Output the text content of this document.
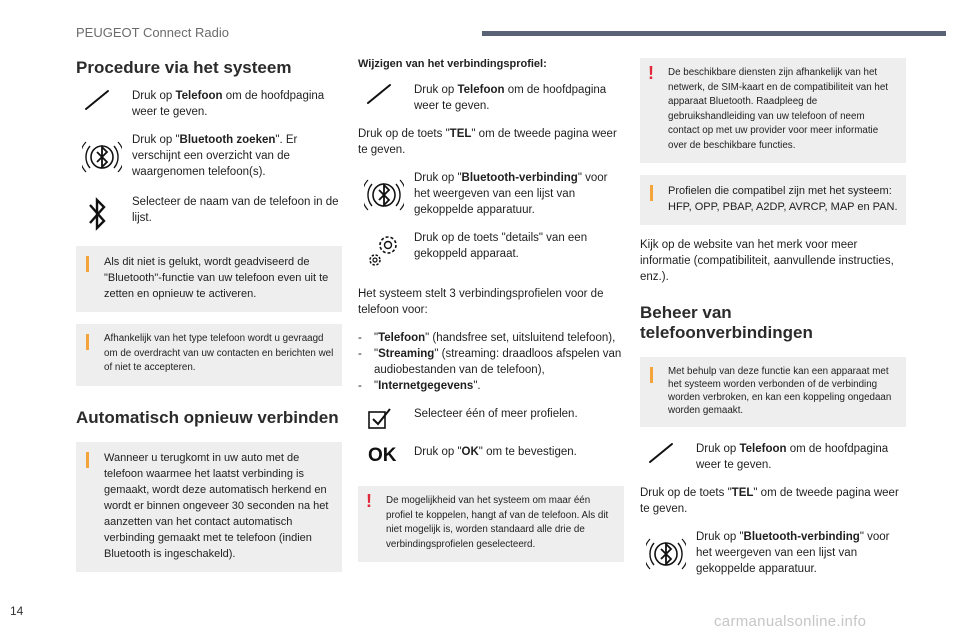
PEUGEOT Connect Radio
Procedure via het systeem
Druk op Telefoon om de hoofdpagina weer te geven.
Druk op "Bluetooth zoeken". Er verschijnt een overzicht van de waargenomen telefoon(s).
Selecteer de naam van de telefoon in de lijst.
Als dit niet is gelukt, wordt geadviseerd de "Bluetooth"-functie van uw telefoon even uit te zetten en opnieuw te activeren.
Afhankelijk van het type telefoon wordt u gevraagd om de overdracht van uw contacten en berichten wel of niet te accepteren.
Automatisch opnieuw verbinden
Wanneer u terugkomt in uw auto met de telefoon waarmee het laatst verbinding is gemaakt, wordt deze automatisch herkend en wordt er binnen ongeveer 30 seconden na het aanzetten van het contact automatisch verbinding gemaakt met te telefoon (indien Bluetooth is ingeschakeld).
Wijzigen van het verbindingsprofiel:
Druk op Telefoon om de hoofdpagina weer te geven.
Druk op de toets "TEL" om de tweede pagina weer te geven.
Druk op "Bluetooth-verbinding" voor het weergeven van een lijst van gekoppelde apparatuur.
Druk op de toets "details" van een gekoppeld apparaat.
Het systeem stelt 3 verbindingsprofielen voor de telefoon voor:
-	"Telefoon" (handsfree set, uitsluitend telefoon),
-	"Streaming" (streaming: draadloos afspelen van audiobestanden van de telefoon),
-	"Internetgegevens".
Selecteer één of meer profielen.
OK Druk op "OK" om te bevestigen.
! De mogelijkheid van het systeem om maar één profiel te koppelen, hangt af van de telefoon. Als dit niet mogelijk is, worden standaard alle drie de verbindingsprofielen geselecteerd.
! De beschikbare diensten zijn afhankelijk van het netwerk, de SIM-kaart en de compatibiliteit van het apparaat Bluetooth. Raadpleeg de gebruikshandleiding van uw telefoon of neem contact op met uw provider voor meer informatie over de beschikbare functies.
Profielen die compatibel zijn met het systeem: HFP, OPP, PBAP, A2DP, AVRCP, MAP en PAN.
Kijk op de website van het merk voor meer informatie (compatibiliteit, aanvullende instructies, enz.).
Beheer van telefoonverbindingen
Met behulp van deze functie kan een apparaat met het systeem worden verbonden of de verbinding worden verbroken, en kan een koppeling ongedaan worden gemaakt.
Druk op Telefoon om de hoofdpagina weer te geven.
Druk op de toets "TEL" om de tweede pagina weer te geven.
Druk op "Bluetooth-verbinding" voor het weergeven van een lijst van gekoppelde apparatuur.
14
carmanualsonline.info
